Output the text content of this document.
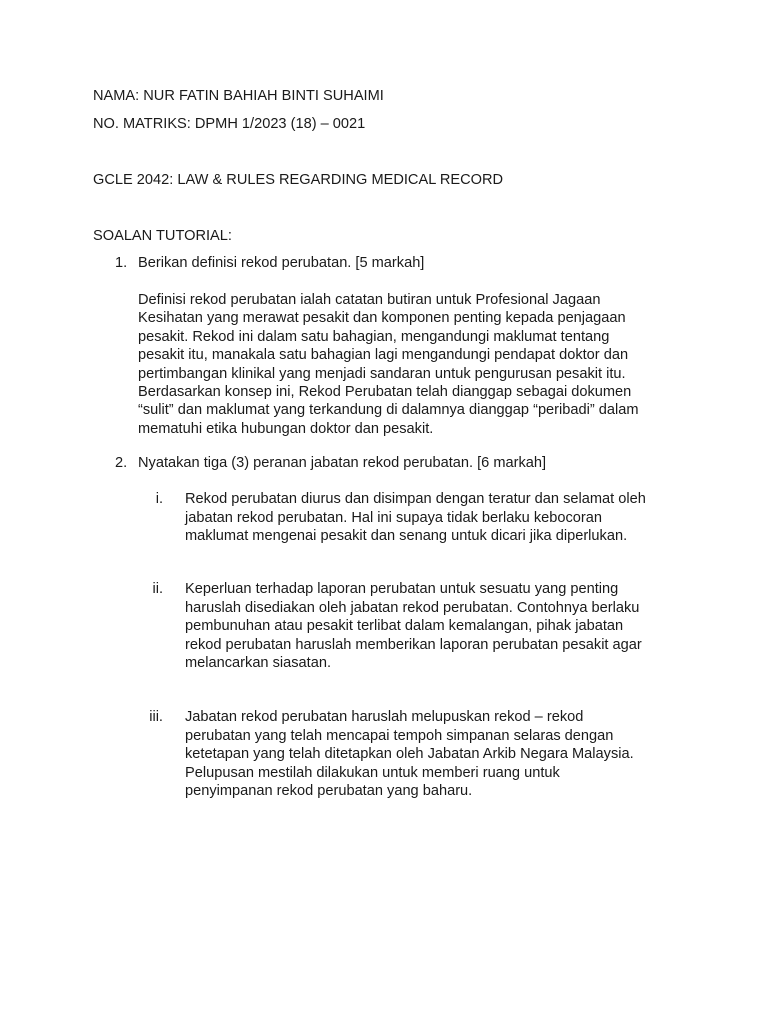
NAMA: NUR FATIN BAHIAH BINTI SUHAIMI
NO. MATRIKS: DPMH 1/2023 (18) – 0021
GCLE 2042: LAW & RULES REGARDING MEDICAL RECORD
SOALAN TUTORIAL:
1. Berikan definisi rekod perubatan. [5 markah]
Definisi rekod perubatan ialah catatan butiran untuk Profesional Jagaan
Kesihatan yang merawat pesakit dan komponen penting kepada penjagaan
pesakit. Rekod ini dalam satu bahagian, mengandungi maklumat tentang
pesakit itu, manakala satu bahagian lagi mengandungi pendapat doktor dan
pertimbangan klinikal yang menjadi sandaran untuk pengurusan pesakit itu.
Berdasarkan konsep ini, Rekod Perubatan telah dianggap sebagai dokumen
“sulit” dan maklumat yang terkandung di dalamnya dianggap “peribadi” dalam
mematuhi etika hubungan doktor dan pesakit.
2. Nyatakan tiga (3) peranan jabatan rekod perubatan. [6 markah]
i. Rekod perubatan diurus dan disimpan dengan teratur dan selamat oleh
jabatan rekod perubatan. Hal ini supaya tidak berlaku kebocoran
maklumat mengenai pesakit dan senang untuk dicari jika diperlukan.
ii. Keperluan terhadap laporan perubatan untuk sesuatu yang penting
haruslah disediakan oleh jabatan rekod perubatan. Contohnya berlaku
pembunuhan atau pesakit terlibat dalam kemalangan, pihak jabatan
rekod perubatan haruslah memberikan laporan perubatan pesakit agar
melancarkan siasatan.
iii. Jabatan rekod perubatan haruslah melupuskan rekod – rekod
perubatan yang telah mencapai tempoh simpanan selaras dengan
ketetapan yang telah ditetapkan oleh Jabatan Arkib Negara Malaysia.
Pelupusan mestilah dilakukan untuk memberi ruang untuk
penyimpanan rekod perubatan yang baharu.
